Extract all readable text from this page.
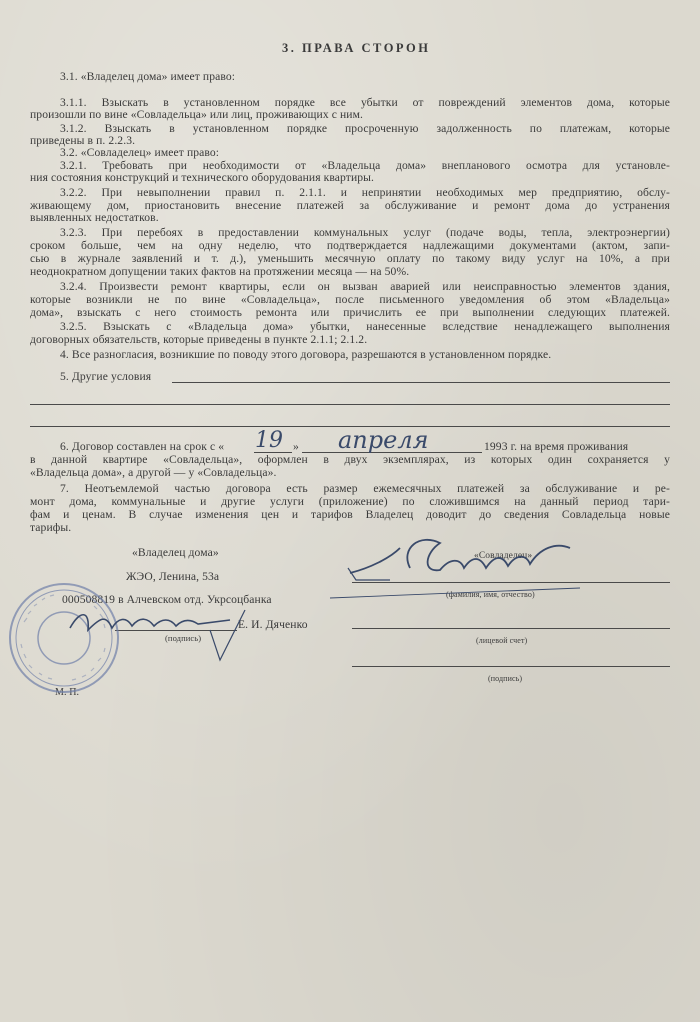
3. ПРАВА СТОРОН
3.1. «Владелец дома» имеет право:
3.1.1. Взыскать в установленном порядке все убытки от повреждений элементов дома, которые
произошли по вине «Совладельца» или лиц, проживающих с ним.
3.1.2. Взыскать в установленном порядке просроченную задолженность по платежам, которые
приведены в п. 2.2.3.
3.2. «Совладелец» имеет право:
3.2.1. Требовать при необходимости от «Владельца дома» внепланового осмотра для установле-
ния состояния конструкций и технического оборудования квартиры.
3.2.2. При невыполнении правил п. 2.1.1. и непринятии необходимых мер предприятию, обслу-
живающему дом, приостановить внесение платежей за обслуживание и ремонт дома до устранения
выявленных недостатков.
3.2.3. При перебоях в предоставлении коммунальных услуг (подаче воды, тепла, электроэнергии)
сроком больше, чем на одну неделю, что подтверждается надлежащими документами (актом, запи-
сью в журнале заявлений и т. д.), уменьшить месячную оплату по такому виду услуг на 10%, а при
неоднократном допущении таких фактов на протяжении месяца — на 50%.
3.2.4. Произвести ремонт квартиры, если он вызван аварией или неисправностью элементов здания,
которые возникли не по вине «Совладельца», после письменного уведомления об этом «Владельца»
дома», взыскать с него стоимость ремонта или причислить ее при выполнении следующих платежей.
3.2.5. Взыскать с «Владельца дома» убытки, нанесенные вследствие ненадлежащего выполнения
договорных обязательств, которые приведены в пункте 2.1.1; 2.1.2.
4. Все разногласия, возникшие по поводу этого договора, разрешаются в установленном порядке.
5. Другие условия
6. Договор составлен на срок с « 19 » апреля	1993 г. на время проживания
в данной квартире «Совладельца», оформлен в двух экземплярах, из которых один сохраняется у
«Владельца дома», а другой — у «Совладельца».
7. Неотъемлемой частью договора есть размер ежемесячных платежей за обслуживание и ре-
монт дома, коммунальные и другие услуги (приложение) по сложившимся на данный период тари-
фам и ценам. В случае изменения цен и тарифов Владелец доводит до сведения Совладельца новые
тарифы.
«Владелец дома»
ЖЭО, Ленина, 53а
000508819 в Алчевском отд. Укрсоцбанка
Е. И. Дяченко
(подпись)
М. П.
«Совладелец»
(фамилия, имя, отчество)
(лицевой счет)
(подпись)
